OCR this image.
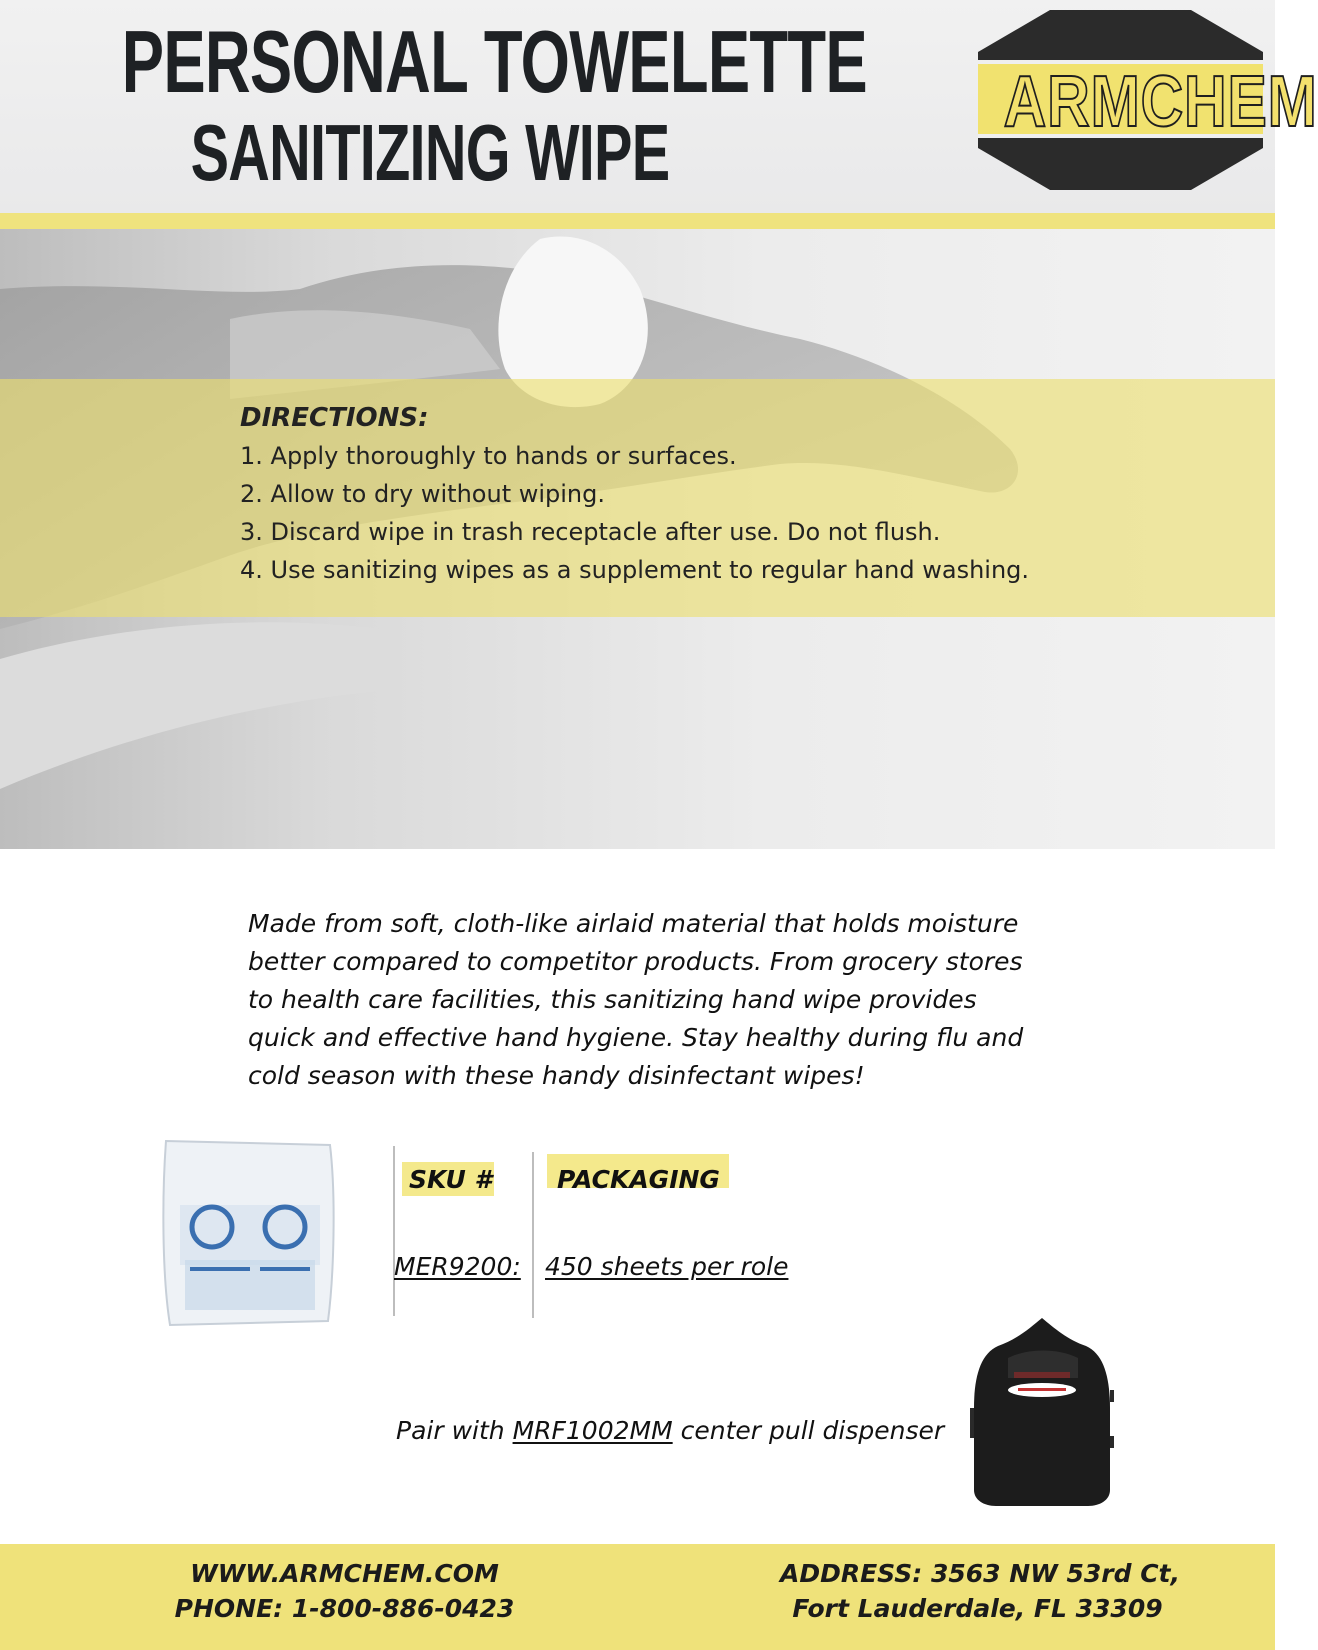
PERSONAL TOWELETTE
SANITIZING WIPE
ARMCHEM
DIRECTIONS:
1. Apply thoroughly to hands or surfaces.
2. Allow to dry without wiping.
3. Discard wipe in trash receptacle after use. Do not flush.
4. Use sanitizing wipes as a supplement to regular hand washing.
Made from soft, cloth-like airlaid material that holds moisture better compared to competitor products. From grocery stores to health care facilities, this sanitizing hand wipe provides quick and effective hand hygiene. Stay healthy during flu and cold season with these handy disinfectant wipes!
SKU #	PACKAGING
MER9200: 450 sheets per role
Pair with MRF1002MM center pull dispenser
WWW.ARMCHEM.COM
PHONE: 1-800-886-0423
ADDRESS: 3563 NW 53rd Ct,
Fort Lauderdale, FL 33309
